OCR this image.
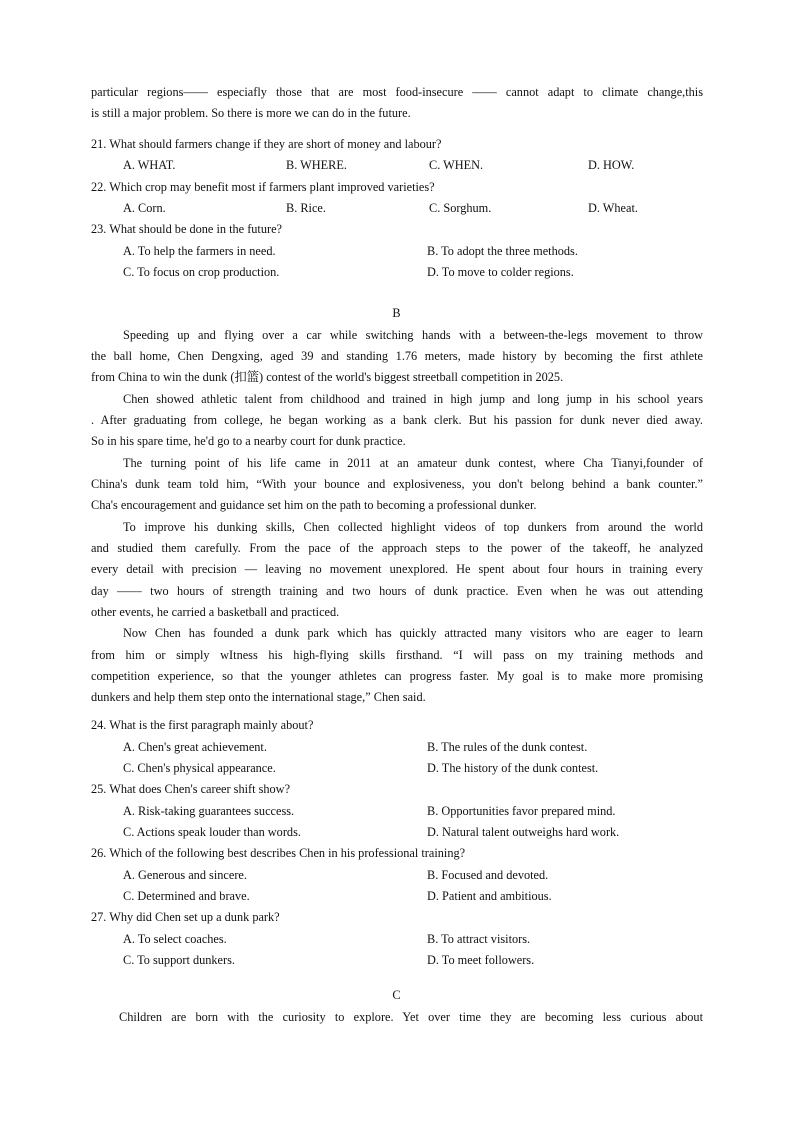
particular regions—— especiafly those that are most food-insecure —— cannot adapt to climate change,this
is still a major problem. So there is more we can do in the future.
21. What should farmers change if they are short of money and labour?
A. WHAT.	B. WHERE.	C. WHEN.	D. HOW.
22. Which crop may benefit most if farmers plant improved varieties?
A. Corn.	B. Rice.	C. Sorghum.	D. Wheat.
23. What should be done in the future?
A. To help the farmers in need.	B. To adopt the three methods.
C. To focus on crop production.	D. To move to colder regions.
B
Speeding up and flying over a car while switching hands with a between-the-legs movement to throw
the ball home, Chen Dengxing, aged 39 and standing 1.76 meters, made history by becoming the first athlete
from China to win the dunk (扣篮) contest of the world's biggest streetball competition in 2025.
Chen showed athletic talent from childhood and trained in high jump and long jump in his school years
. After graduating from college, he began working as a bank clerk. But his passion for dunk never died away.
So in his spare time, he'd go to a nearby court for dunk practice.
The turning point of his life came in 2011 at an amateur dunk contest, where Cha Tianyi,founder of
China's dunk team told him, “With your bounce and explosiveness, you don't belong behind a bank counter.”
Cha's encouragement and guidance set him on the path to becoming a professional dunker.
To improve his dunking skills, Chen collected highlight videos of top dunkers from around the world
and studied them carefully. From the pace of the approach steps to the power of the takeoff, he analyzed
every detail with precision — leaving no movement unexplored. He spent about four hours in training every
day —— two hours of strength training and two hours of dunk practice. Even when he was out attending
other events, he carried a basketball and practiced.
Now Chen has founded a dunk park which has quickly attracted many visitors who are eager to learn
from him or simply wItness his high-flying skills firsthand. “I will pass on my training methods and
competition experience, so that the younger athletes can progress faster. My goal is to make more promising
dunkers and help them step onto the international stage,” Chen said.
24. What is the first paragraph mainly about?
A. Chen's great achievement.	B. The rules of the dunk contest.
C. Chen's physical appearance.	D. The history of the dunk contest.
25. What does Chen's career shift show?
A. Risk-taking guarantees success.	B. Opportunities favor prepared mind.
C. Actions speak louder than words.	D. Natural talent outweighs hard work.
26. Which of the following best describes Chen in his professional training?
A. Generous and sincere.	B. Focused and devoted.
C. Determined and brave.	D. Patient and ambitious.
27. Why did Chen set up a dunk park?
A. To select coaches.	B. To attract visitors.
C. To support dunkers.	D. To meet followers.
C
Children are born with the curiosity to explore. Yet over time they are becoming less curious about
